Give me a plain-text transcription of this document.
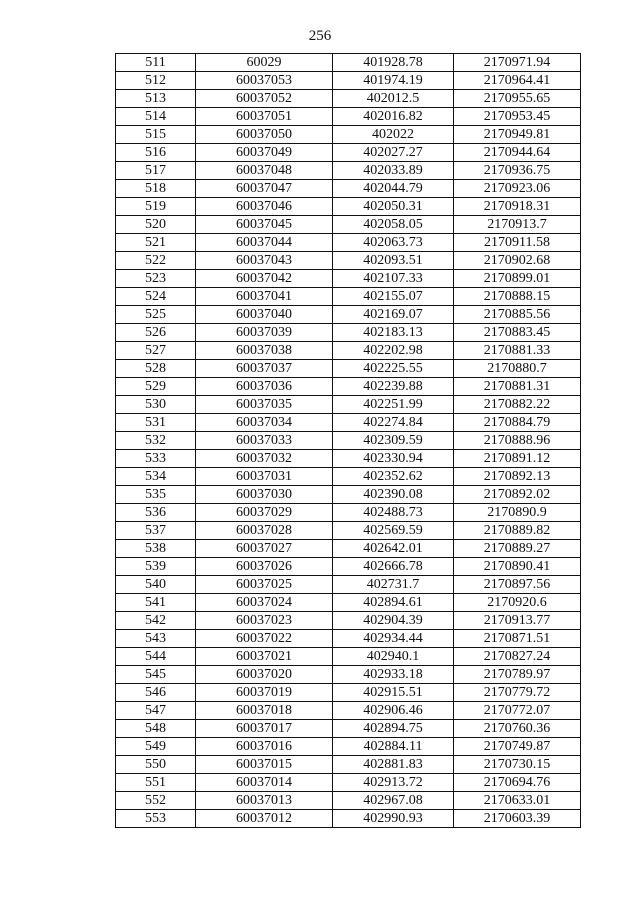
256
511	60029	401928.78	2170971.94
512	60037053	401974.19	2170964.41
513	60037052	402012.5	2170955.65
514	60037051	402016.82	2170953.45
515	60037050	402022	2170949.81
516	60037049	402027.27	2170944.64
517	60037048	402033.89	2170936.75
518	60037047	402044.79	2170923.06
519	60037046	402050.31	2170918.31
520	60037045	402058.05	2170913.7
521	60037044	402063.73	2170911.58
522	60037043	402093.51	2170902.68
523	60037042	402107.33	2170899.01
524	60037041	402155.07	2170888.15
525	60037040	402169.07	2170885.56
526	60037039	402183.13	2170883.45
527	60037038	402202.98	2170881.33
528	60037037	402225.55	2170880.7
529	60037036	402239.88	2170881.31
530	60037035	402251.99	2170882.22
531	60037034	402274.84	2170884.79
532	60037033	402309.59	2170888.96
533	60037032	402330.94	2170891.12
534	60037031	402352.62	2170892.13
535	60037030	402390.08	2170892.02
536	60037029	402488.73	2170890.9
537	60037028	402569.59	2170889.82
538	60037027	402642.01	2170889.27
539	60037026	402666.78	2170890.41
540	60037025	402731.7	2170897.56
541	60037024	402894.61	2170920.6
542	60037023	402904.39	2170913.77
543	60037022	402934.44	2170871.51
544	60037021	402940.1	2170827.24
545	60037020	402933.18	2170789.97
546	60037019	402915.51	2170779.72
547	60037018	402906.46	2170772.07
548	60037017	402894.75	2170760.36
549	60037016	402884.11	2170749.87
550	60037015	402881.83	2170730.15
551	60037014	402913.72	2170694.76
552	60037013	402967.08	2170633.01
553	60037012	402990.93	2170603.39
